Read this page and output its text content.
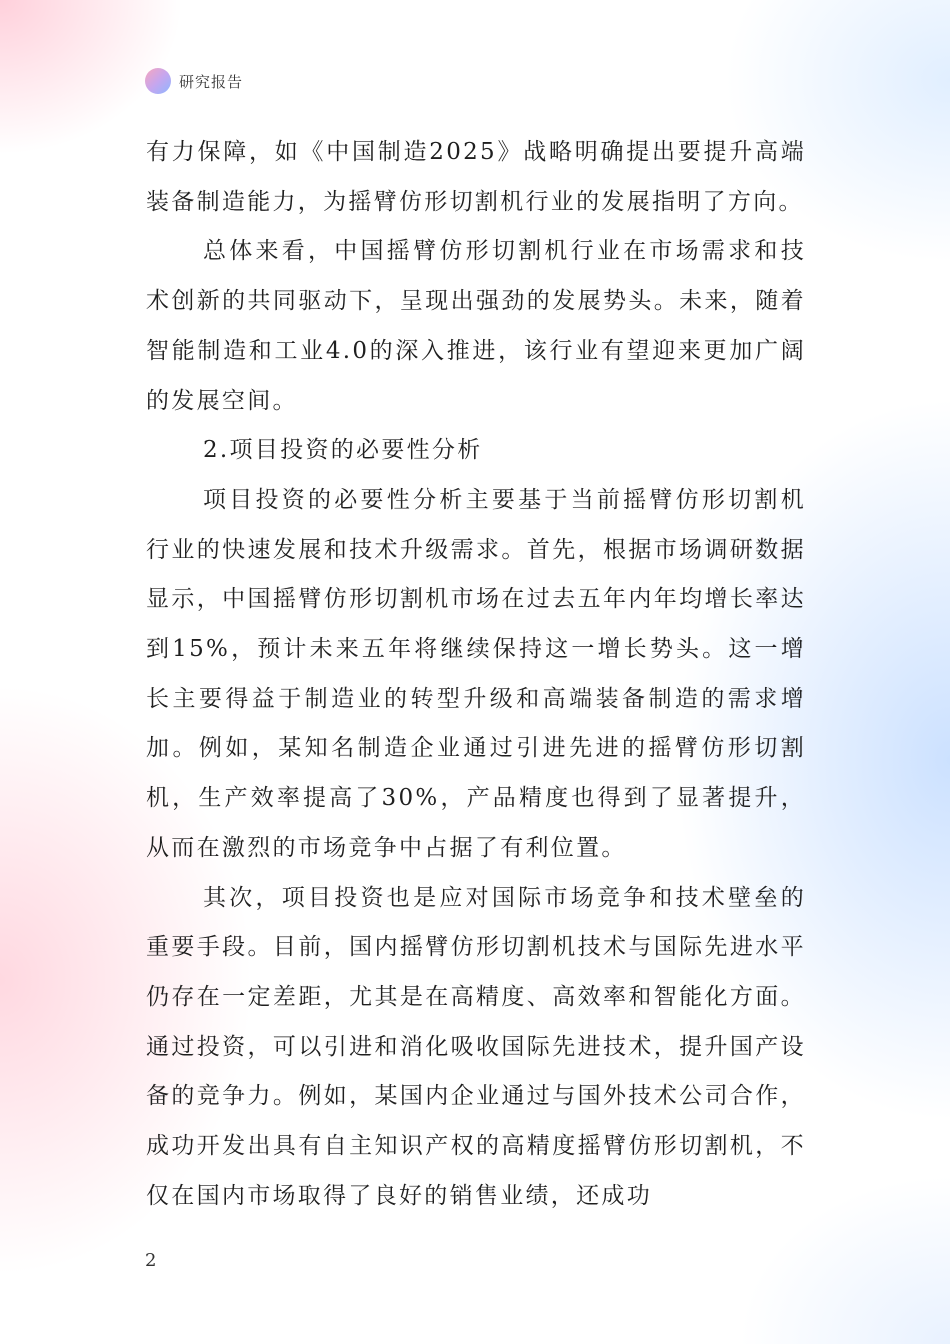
研究报告

有力保障，如《中国制造2025》战略明确提出要提升高端装备制造能力，为摇臂仿形切割机行业的发展指明了方向。

总体来看，中国摇臂仿形切割机行业在市场需求和技术创新的共同驱动下，呈现出强劲的发展势头。未来，随着智能制造和工业4.0的深入推进，该行业有望迎来更加广阔的发展空间。

2.项目投资的必要性分析

项目投资的必要性分析主要基于当前摇臂仿形切割机行业的快速发展和技术升级需求。首先，根据市场调研数据显示，中国摇臂仿形切割机市场在过去五年内年均增长率达到15%，预计未来五年将继续保持这一增长势头。这一增长主要得益于制造业的转型升级和高端装备制造的需求增加。例如，某知名制造企业通过引进先进的摇臂仿形切割机，生产效率提高了30%，产品精度也得到了显著提升，从而在激烈的市场竞争中占据了有利位置。

其次，项目投资也是应对国际市场竞争和技术壁垒的重要手段。目前，国内摇臂仿形切割机技术与国际先进水平仍存在一定差距，尤其是在高精度、高效率和智能化方面。通过投资，可以引进和消化吸收国际先进技术，提升国产设备的竞争力。例如，某国内企业通过与国外技术公司合作，成功开发出具有自主知识产权的高精度摇臂仿形切割机，不仅在国内市场取得了良好的销售业绩，还成功

2
